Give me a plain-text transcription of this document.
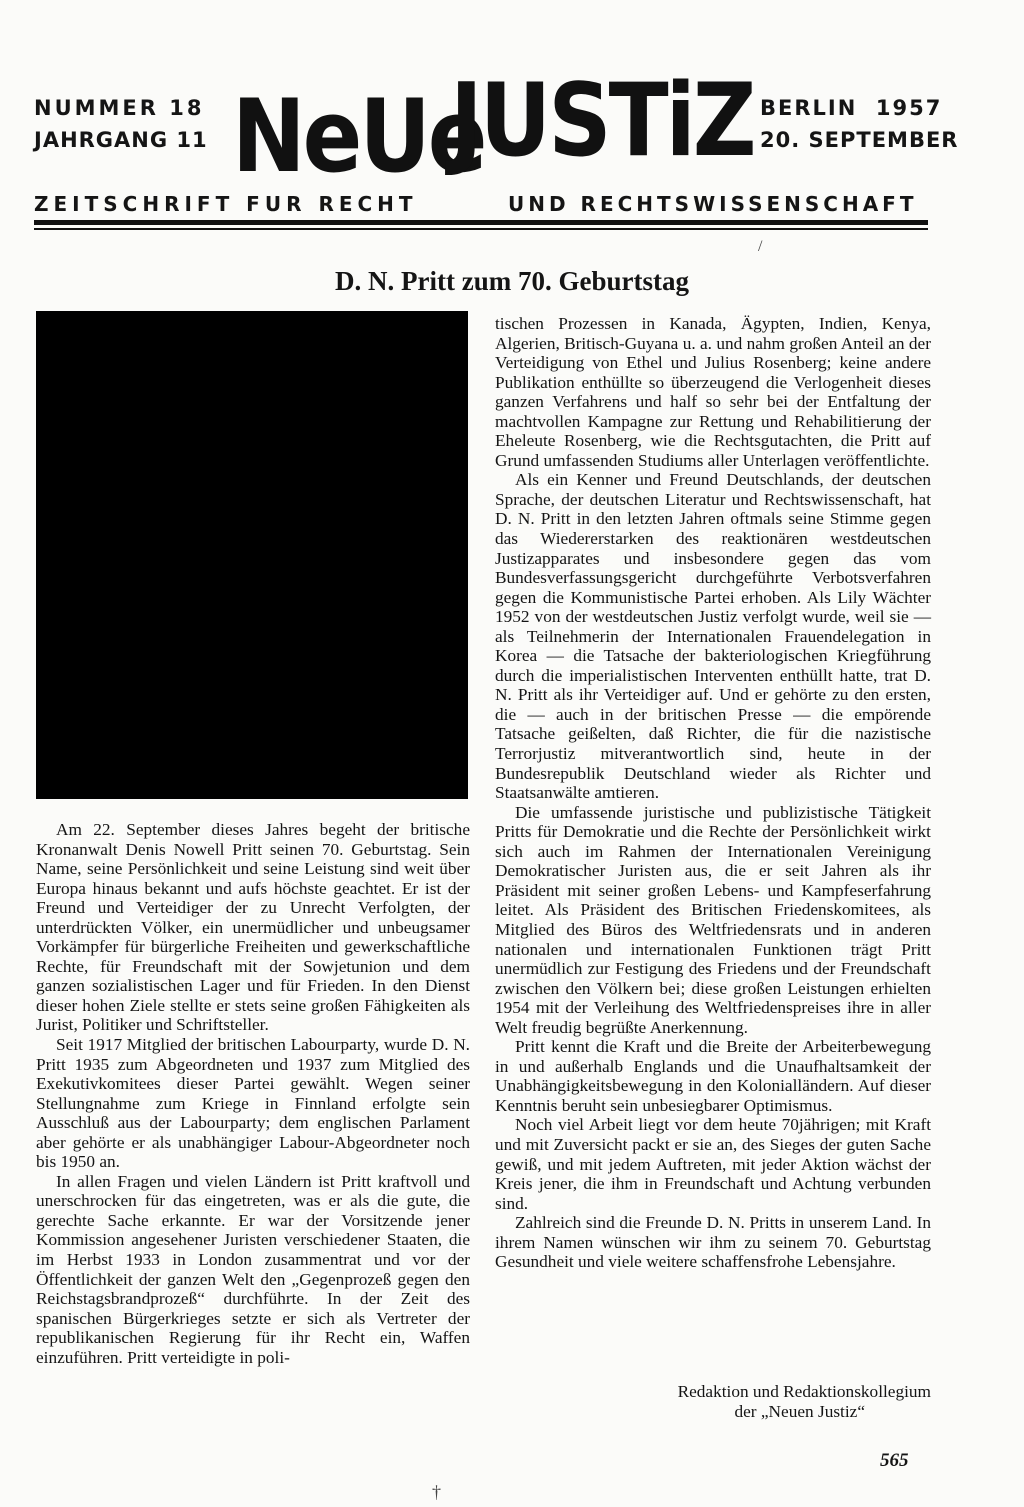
NUMMER 18
JAHRGANG 11 NeUe
JUSTiZ BERLIN  1957
20. SEPTEMBER
ZEITSCHRIFT FUR RECHT	UND RECHTSWISSENSCHAFT
/
D. N. Pritt zum 70. Geburtstag

Am 22. September dieses Jahres begeht der britische Kronanwalt Denis Nowell Pritt seinen 70. Geburtstag. Sein Name, seine Persönlichkeit und seine Leistung sind weit über Europa hinaus bekannt und aufs höchste geachtet. Er ist der Freund und Verteidiger der zu Unrecht Verfolgten, der unterdrückten Völker, ein unermüdlicher und unbeugsamer Vorkämpfer für bürgerliche Freiheiten und gewerkschaftliche Rechte, für Freundschaft mit der Sowjetunion und dem ganzen sozialistischen Lager und für Frieden. In den Dienst dieser hohen Ziele stellte er stets seine großen Fähigkeiten als Jurist, Politiker und Schriftsteller.

Seit 1917 Mitglied der britischen Labourparty, wurde D. N. Pritt 1935 zum Abgeordneten und 1937 zum Mitglied des Exekutivkomitees dieser Partei gewählt. Wegen seiner Stellungnahme zum Kriege in Finnland erfolgte sein Ausschluß aus der Labourparty; dem englischen Parlament aber gehörte er als unabhängiger Labour-Abgeordneter noch bis 1950 an.

In allen Fragen und vielen Ländern ist Pritt kraftvoll und unerschrocken für das eingetreten, was er als die gute, die gerechte Sache erkannte. Er war der Vorsitzende jener Kommission angesehener Juristen verschiedener Staaten, die im Herbst 1933 in London zusammentrat und vor der Öffentlichkeit der ganzen Welt den „Gegenprozeß gegen den Reichstagsbrandprozeß“ durchführte. In der Zeit des spanischen Bürgerkrieges setzte er sich als Vertreter der republikanischen Regierung für ihr Recht ein, Waffen einzuführen. Pritt verteidigte in poli-

tischen Prozessen in Kanada, Ägypten, Indien, Kenya, Algerien, Britisch-Guyana u. a. und nahm großen Anteil an der Verteidigung von Ethel und Julius Rosenberg; keine andere Publikation enthüllte so überzeugend die Verlogenheit dieses ganzen Verfahrens und half so sehr bei der Entfaltung der machtvollen Kampagne zur Rettung und Rehabilitierung der Eheleute Rosenberg, wie die Rechtsgutachten, die Pritt auf Grund umfassenden Studiums aller Unterlagen veröffentlichte.

Als ein Kenner und Freund Deutschlands, der deutschen Sprache, der deutschen Literatur und Rechtswissenschaft, hat D. N. Pritt in den letzten Jahren oftmals seine Stimme gegen das Wiedererstarken des reaktionären westdeutschen Justizapparates und insbesondere gegen das vom Bundesverfassungsgericht durchgeführte Verbotsverfahren gegen die Kommunistische Partei erhoben. Als Lily Wächter 1952 von der westdeutschen Justiz verfolgt wurde, weil sie — als Teilnehmerin der Internationalen Frauendelegation in Korea — die Tatsache der bakteriologischen Kriegführung durch die imperialistischen Interventen enthüllt hatte, trat D. N. Pritt als ihr Verteidiger auf. Und er gehörte zu den ersten, die — auch in der britischen Presse — die empörende Tatsache geißelten, daß Richter, die für die nazistische Terrorjustiz mitverantwortlich sind, heute in der Bundesrepublik Deutschland wieder als Richter und Staatsanwälte amtieren.

Die umfassende juristische und publizistische Tätigkeit Pritts für Demokratie und die Rechte der Persönlichkeit wirkt sich auch im Rahmen der Internationalen Vereinigung Demokratischer Juristen aus, die er seit Jahren als ihr Präsident mit seiner großen Lebens- und Kampfeserfahrung leitet. Als Präsident des Britischen Friedenskomitees, als Mitglied des Büros des Weltfriedensrats und in anderen nationalen und internationalen Funktionen trägt Pritt unermüdlich zur Festigung des Friedens und der Freundschaft zwischen den Völkern bei; diese großen Leistungen erhielten 1954 mit der Verleihung des Weltfriedenspreises ihre in aller Welt freudig begrüßte Anerkennung.

Pritt kennt die Kraft und die Breite der Arbeiterbewegung in und außerhalb Englands und die Unaufhaltsamkeit der Unabhängigkeitsbewegung in den Kolonialländern. Auf dieser Kenntnis beruht sein unbesiegbarer Optimismus.

Noch viel Arbeit liegt vor dem heute 70jährigen; mit Kraft und mit Zuversicht packt er sie an, des Sieges der guten Sache gewiß, und mit jedem Auftreten, mit jeder Aktion wächst der Kreis jener, die ihm in Freundschaft und Achtung verbunden sind.

Zahlreich sind die Freunde D. N. Pritts in unserem Land. In ihrem Namen wünschen wir ihm zu seinem 70. Geburtstag Gesundheit und viele weitere schaffensfrohe Lebensjahre.

Redaktion und Redaktionskollegium
der „Neuen Justiz“
565
†
